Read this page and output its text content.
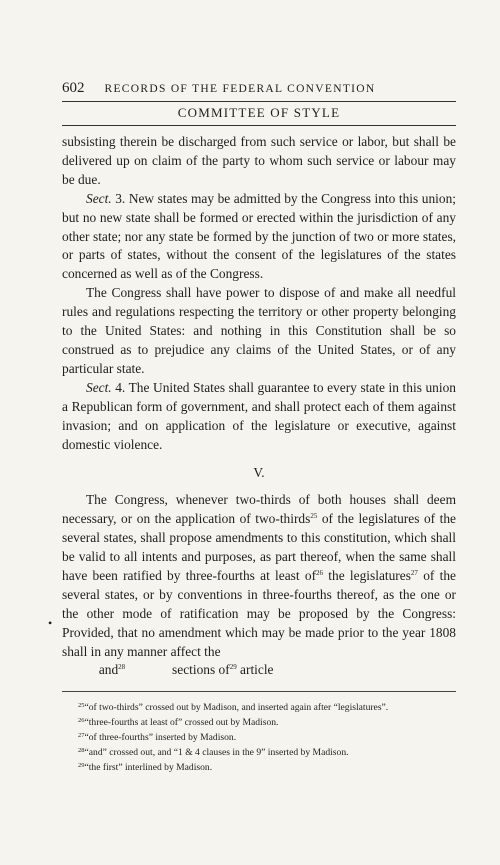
602 RECORDS OF THE FEDERAL CONVENTION
COMMITTEE OF STYLE

subsisting therein be discharged from such service or labor, but shall be delivered up on claim of the party to whom such service or labour may be due.

Sect. 3. New states may be admitted by the Congress into this union; but no new state shall be formed or erected within the jurisdiction of any other state; nor any state be formed by the junction of two or more states, or parts of states, without the consent of the legislatures of the states concerned as well as of the Congress.

The Congress shall have power to dispose of and make all needful rules and regulations respecting the territory or other property belonging to the United States: and nothing in this Constitution shall be so construed as to prejudice any claims of the United States, or of any particular state.

Sect. 4. The United States shall guarantee to every state in this union a Republican form of government, and shall protect each of them against invasion; and on application of the legislature or executive, against domestic violence.

V.

The Congress, whenever two-thirds of both houses shall deem necessary, or on the application of two-thirds$^{25}$ of the legislatures of the several states, shall propose amendments to this constitution, which shall be valid to all intents and purposes, as part thereof, when the same shall have been ratified by three-fourths at least $of^{26}$ the legislatures$^{27}$ of the several states, or by conventions in three-fourths thereof, as the one or the other mode of ratification may be proposed by the Congress: Provided, that no amendment which may be made prior to the year 1808 shall in any manner affect the

and$^{28}$	sections $of^{29}$ article

$^{25}$“of two-thirds” crossed out by Madison, and inserted again after “legislatures”.

$^{26}$“three-fourths at least of” crossed out by Madison.

$^{27}$“of three-fourths” inserted by Madison.

$^{28}$“and” crossed out, and “1 & 4 clauses in the 9” inserted by Madison.

$^{29}$“the first” interlined by Madison.

•
